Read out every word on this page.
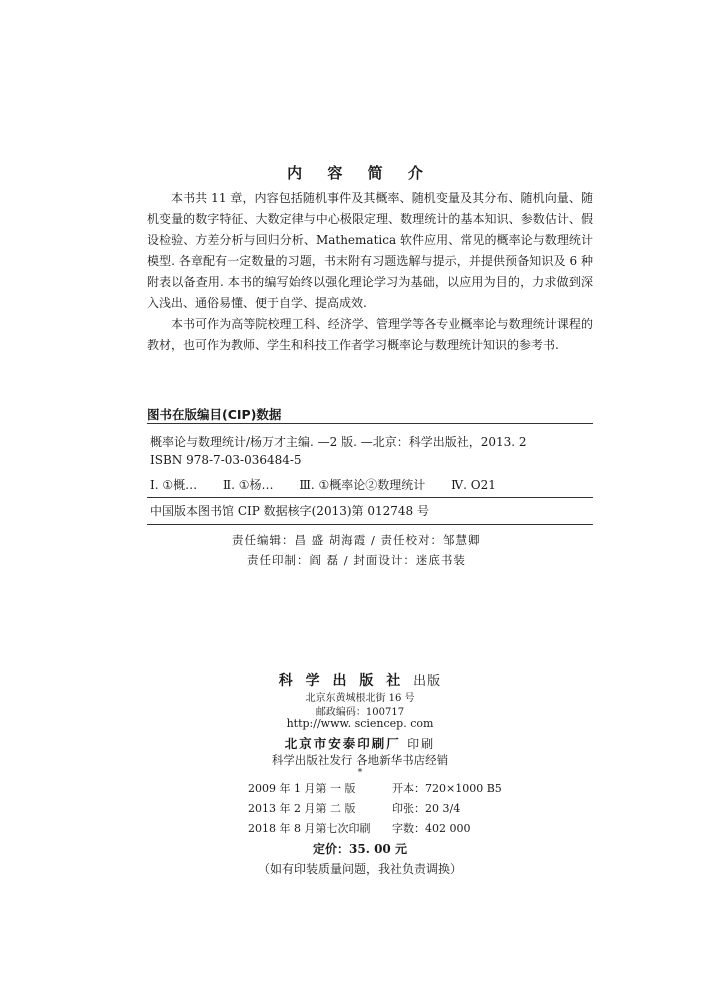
内 容 简 介

本书共 11 章，内容包括随机事件及其概率、随机变量及其分布、随机向量、随机变量的数字特征、大数定律与中心极限定理、数理统计的基本知识、参数估计、假设检验、方差分析与回归分析、Mathematica 软件应用、常见的概率论与数理统计模型. 各章配有一定数量的习题，书末附有习题选解与提示，并提供预备知识及 6 种附表以备查用. 本书的编写始终以强化理论学习为基础，以应用为目的，力求做到深入浅出、通俗易懂、便于自学、提高成效.

本书可作为高等院校理工科、经济学、管理学等各专业概率论与数理统计课程的教材，也可作为教师、学生和科技工作者学习概率论与数理统计知识的参考书.

图书在版编目(CIP)数据
概率论与数理统计/杨万才主编. —2 版. —北京：科学出版社，2013. 2
ISBN 978-7-03-036484-5
Ⅰ. ①概… Ⅱ. ①杨… Ⅲ. ①概率论②数理统计 Ⅳ. O21
中国版本图书馆 CIP 数据核字(2013)第 012748 号
责任编辑：昌 盛 胡海霞 / 责任校对：邹慧卿
责任印制：阎 磊 / 封面设计：迷底书装
科 学 出 版 社 出版
北京东黄城根北街 16 号
邮政编码：100717
http://www. sciencep. com
北京市安泰印刷厂 印刷
科学出版社发行 各地新华书店经销
*
2009 年 1 月第 一 版	开本：720×1000 B5
2013 年 2 月第 二 版	印张：20 3/4
2018 年 8 月第七次印刷 字数：402 000
定价：35. 00 元
（如有印装质量问题，我社负责调换）
